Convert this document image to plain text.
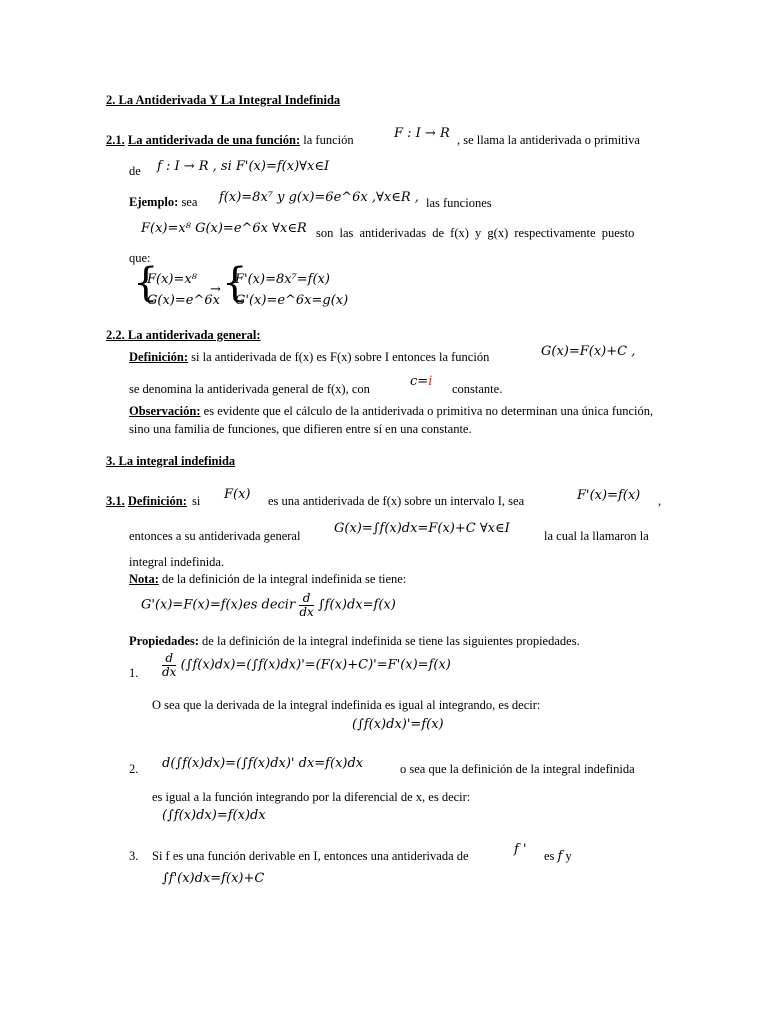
2. La Antiderivada Y La Integral Indefinida
2.1. La antiderivada de una función: la función	F : I → R , se llama la antiderivada o primitiva
de f : I → R , si F'(x)=f(x)∀x∈I
Ejemplo: sea f(x)=8x⁷ y g(x)=6e^6x ,∀x∈R , las funciones
F(x)=x⁸ G(x)=e^6x ∀x∈R son las antiderivadas de f(x) y g(x) respectivamente puesto
que:
{
F(x)=x⁸
G(x)=e^6x
→ {
F'(x)=8x⁷=f(x)
G'(x)=e^6x=g(x)
2.2. La antiderivada general:
Definición: si la antiderivada de f(x) es F(x) sobre I entonces la función	G(x)=F(x)+C ,
se denomina la antiderivada general de f(x), con	c=i constante.
Observación: es evidente que el cálculo de la antiderivada o primitiva no determinan una única función, sino una familia de funciones, que difieren entre sí en una constante.
3. La integral indefinida
3.1. Definición: si F(x) es una antiderivada de f(x) sobre un intervalo I, sea	F'(x)=f(x) ,
entonces a su antiderivada general	G(x)=∫f(x)dx=F(x)+C ∀x∈I	la cual la llamaron la
integral indefinida.
Nota: de la definición de la integral indefinida se tiene:
G'(x)=F(x)=f(x)es decir $\frac{d}{dx} \int f(x)dx=f(x)$
Propiedades: de la definición de la integral indefinida se tiene las siguientes propiedades.
1. $\frac{d}{dx} (\int f(x)dx)=(\int f(x)dx)'=(F(x)+C)'=F'(x)=f(x)$
O sea que la derivada de la integral indefinida es igual al integrando, es decir:
(∫f(x)dx)'=f(x)
2. d(∫f(x)dx)=(∫f(x)dx)' dx=f(x)dx	o sea que la definición de la integral indefinida
es igual a la función integrando por la diferencial de x, es decir:
(∫f(x)dx)=f(x)dx
3. Si f es una función derivable en I, entonces una antiderivada de	f ' es f y
∫f'(x)dx=f(x)+C
